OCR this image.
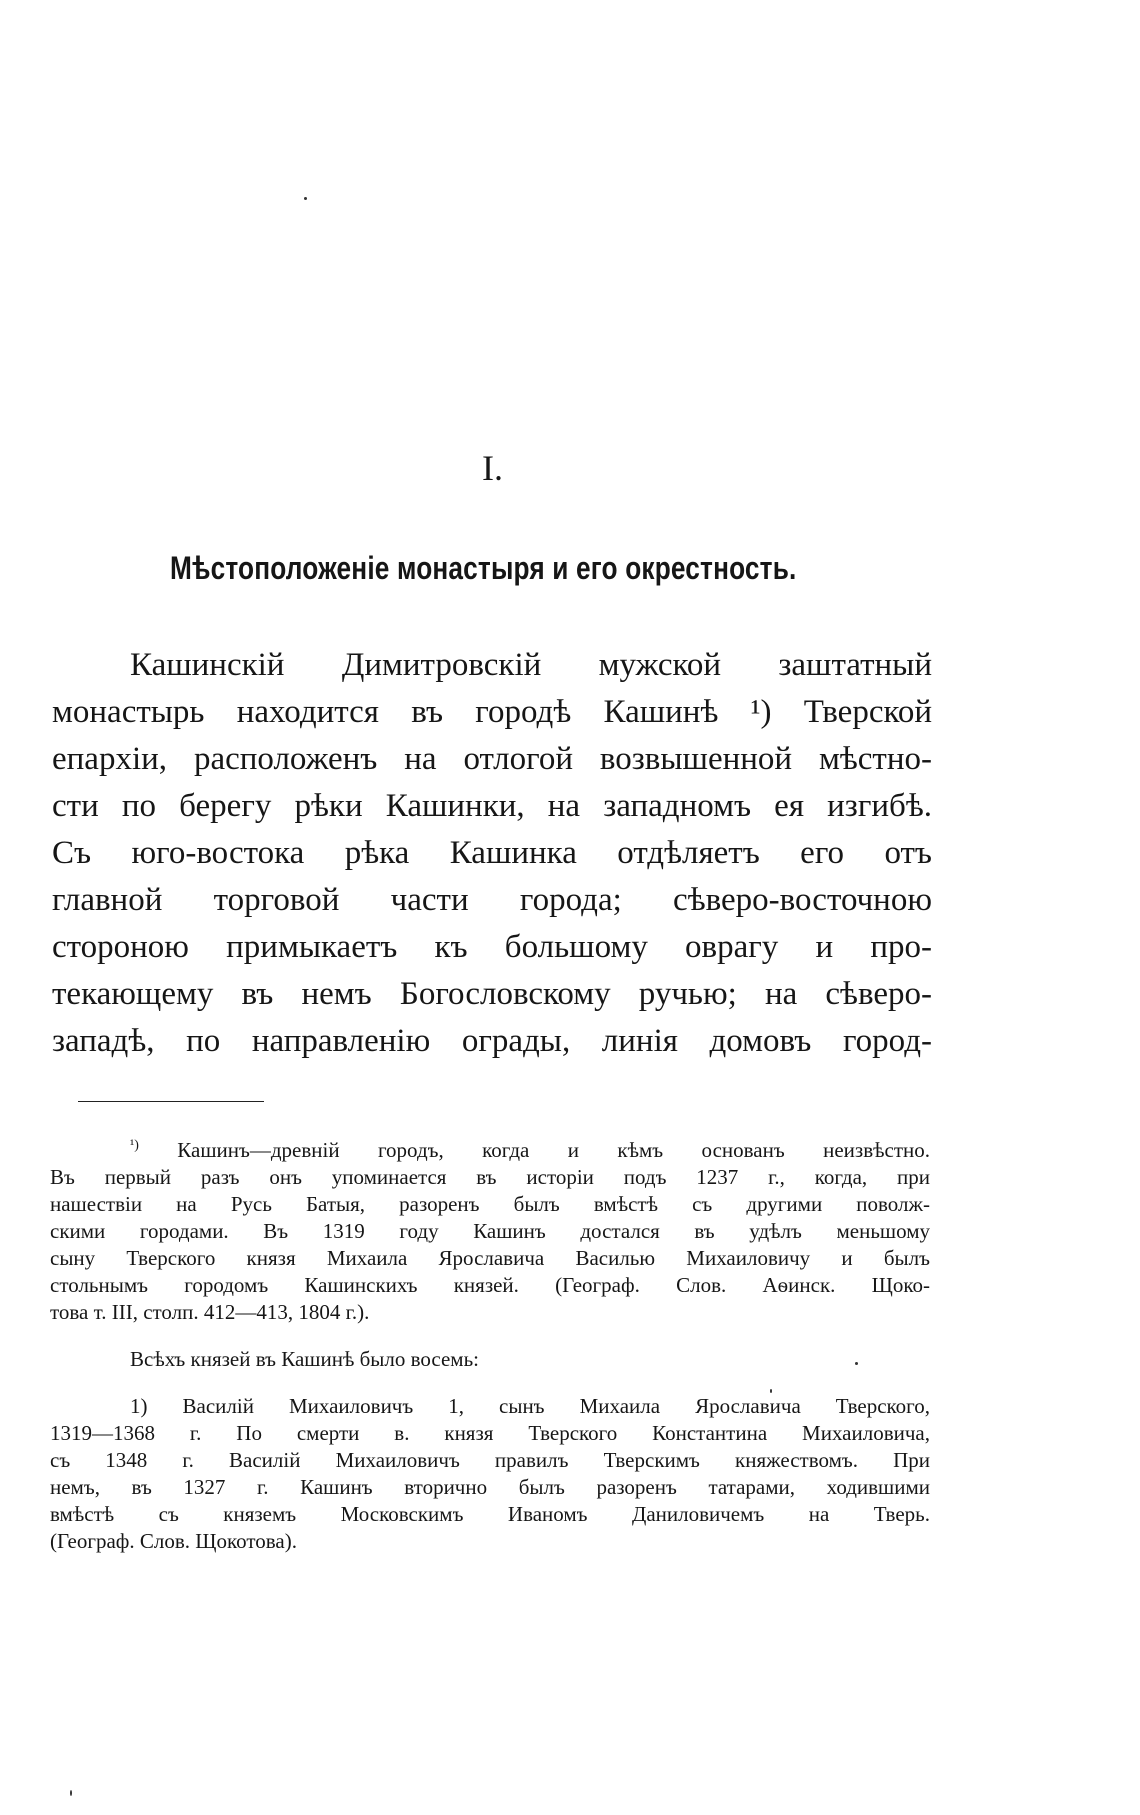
I.
Мѣстоположеніе монастыря и его окрестность.
Кашинскій Димитровскій мужской заштатный
монастырь находится въ городѣ Кашинѣ ¹) Тверской
епархіи, расположенъ на отлогой возвышенной мѣстно-
сти по берегу рѣки Кашинки, на западномъ ея изгибѣ.
Съ юго-востока рѣка Кашинка отдѣляетъ его отъ
главной торговой части города; сѣверо-восточною
стороною примыкаетъ къ большому оврагу и про-
текающему въ немъ Богословскому ручью; на сѣверо-
западѣ, по направленію ограды, линія домовъ город-
$^{^1)}$ Кашинъ—древній городъ, когда и кѣмъ основанъ неизвѣстно.
Въ первый разъ онъ упоминается въ исторіи подъ 1237 г., когда, при
нашествіи на Русь Батыя, разоренъ былъ вмѣстѣ съ другими поволж-
скими городами. Въ 1319 году Кашинъ достался въ удѣлъ меньшому
сыну Тверского князя Михаила Ярославича Василью Михаиловичу и былъ
стольнымъ городомъ Кашинскихъ князей. (Географ. Слов. Аѳинск. Щоко-
това т. III, столп. 412—413, 1804 г.).
Всѣхъ князей въ Кашинѣ было восемь:
1) Василій Михаиловичъ 1, сынъ Михаила Ярославича Тверского,
1319—1368 г. По смерти в. князя Тверского Константина Михаиловича,
съ 1348 г. Василій Михаиловичъ правилъ Тверскимъ княжествомъ. При
немъ, въ 1327 г. Кашинъ вторично былъ разоренъ татарами, ходившими
вмѣстѣ съ княземъ Московскимъ Иваномъ Даниловичемъ на Тверь.
(Географ. Слов. Щокотова).
